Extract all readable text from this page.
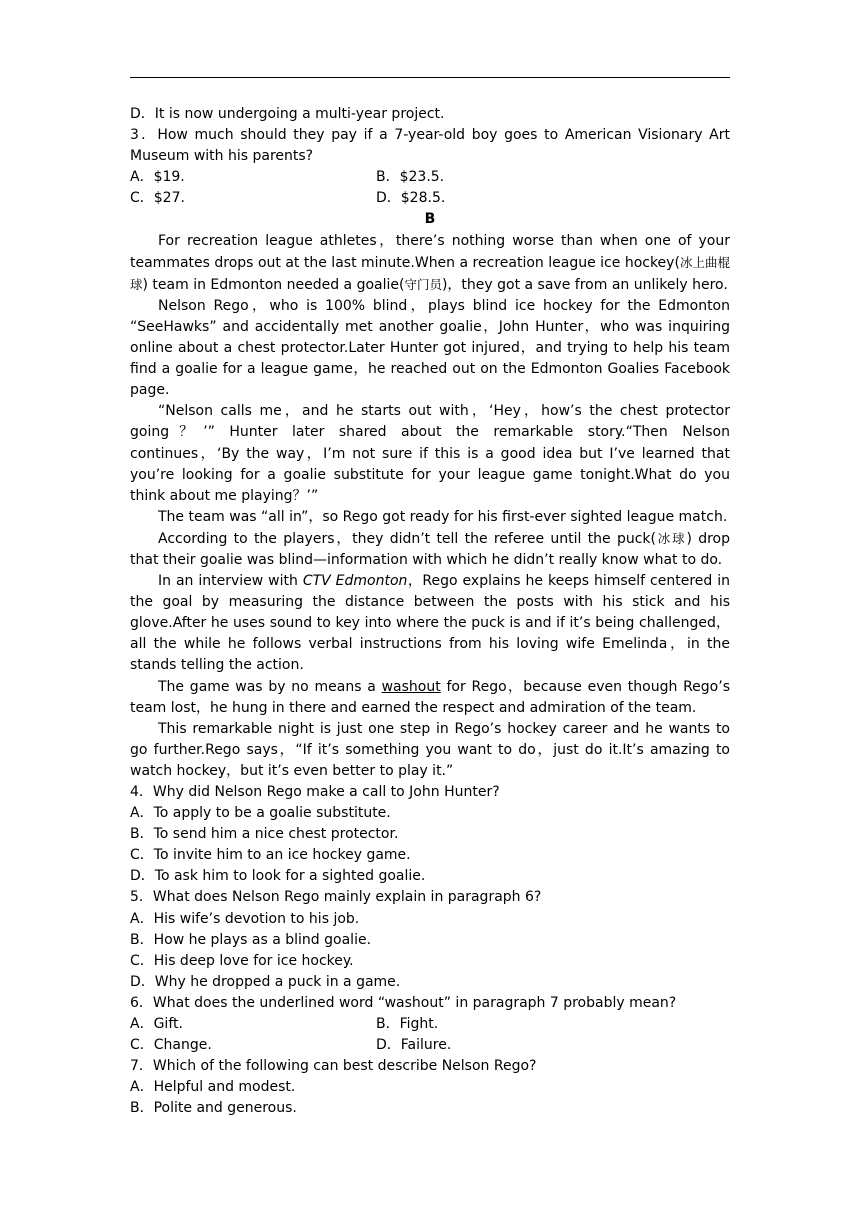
D．It is now undergoing a multi-year project.

3．How much should they pay if a 7-year-old boy goes to American Visionary Art Museum with his parents?

A．$19.	B．$23.5.
C．$27.	D．$28.5.

B

For recreation league athletes，there’s nothing worse than when one of your teammates drops out at the last minute.When a recreation league ice hockey(冰上曲棍球) team in Edmonton needed a goalie(守门员)，they got a save from an unlikely hero.

Nelson Rego，who is 100% blind，plays blind ice hockey for the Edmonton “SeeHawks” and accidentally met another goalie，John Hunter，who was inquiring online about a chest protector.Later Hunter got injured，and trying to help his team find a goalie for a league game，he reached out on the Edmonton Goalies Facebook page.

“Nelson calls me，and he starts out with，‘Hey，how’s the chest protector going？’” Hunter later shared about the remarkable story.“Then Nelson continues，‘By the way，I’m not sure if this is a good idea but I’ve learned that you’re looking for a goalie substitute for your league game tonight.What do you think about me playing？’”

The team was “all in”，so Rego got ready for his first-ever sighted league match.

According to the players，they didn’t tell the referee until the puck(冰球) drop that their goalie was blind—information with which he didn’t really know what to do.

In an interview with CTV Edmonton，Rego explains he keeps himself centered in the goal by measuring the distance between the posts with his stick and his glove.After he uses sound to key into where the puck is and if it’s being challenged，all the while he follows verbal instructions from his loving wife Emelinda，in the stands telling the action.

The game was by no means a washout for Rego，because even though Rego’s team lost，he hung in there and earned the respect and admiration of the team.

This remarkable night is just one step in Rego’s hockey career and he wants to go further.Rego says，“If it’s something you want to do，just do it.It’s amazing to watch hockey，but it’s even better to play it.”

4．Why did Nelson Rego make a call to John Hunter?
A．To apply to be a goalie substitute.
B．To send him a nice chest protector.
C．To invite him to an ice hockey game.
D．To ask him to look for a sighted goalie.
5．What does Nelson Rego mainly explain in paragraph 6?
A．His wife’s devotion to his job.
B．How he plays as a blind goalie.
C．His deep love for ice hockey.
D．Why he dropped a puck in a game.
6．What does the underlined word “washout” in paragraph 7 probably mean?
A．Gift.	B．Fight.
C．Change.	D．Failure.
7．Which of the following can best describe Nelson Rego?
A．Helpful and modest.
B．Polite and generous.
